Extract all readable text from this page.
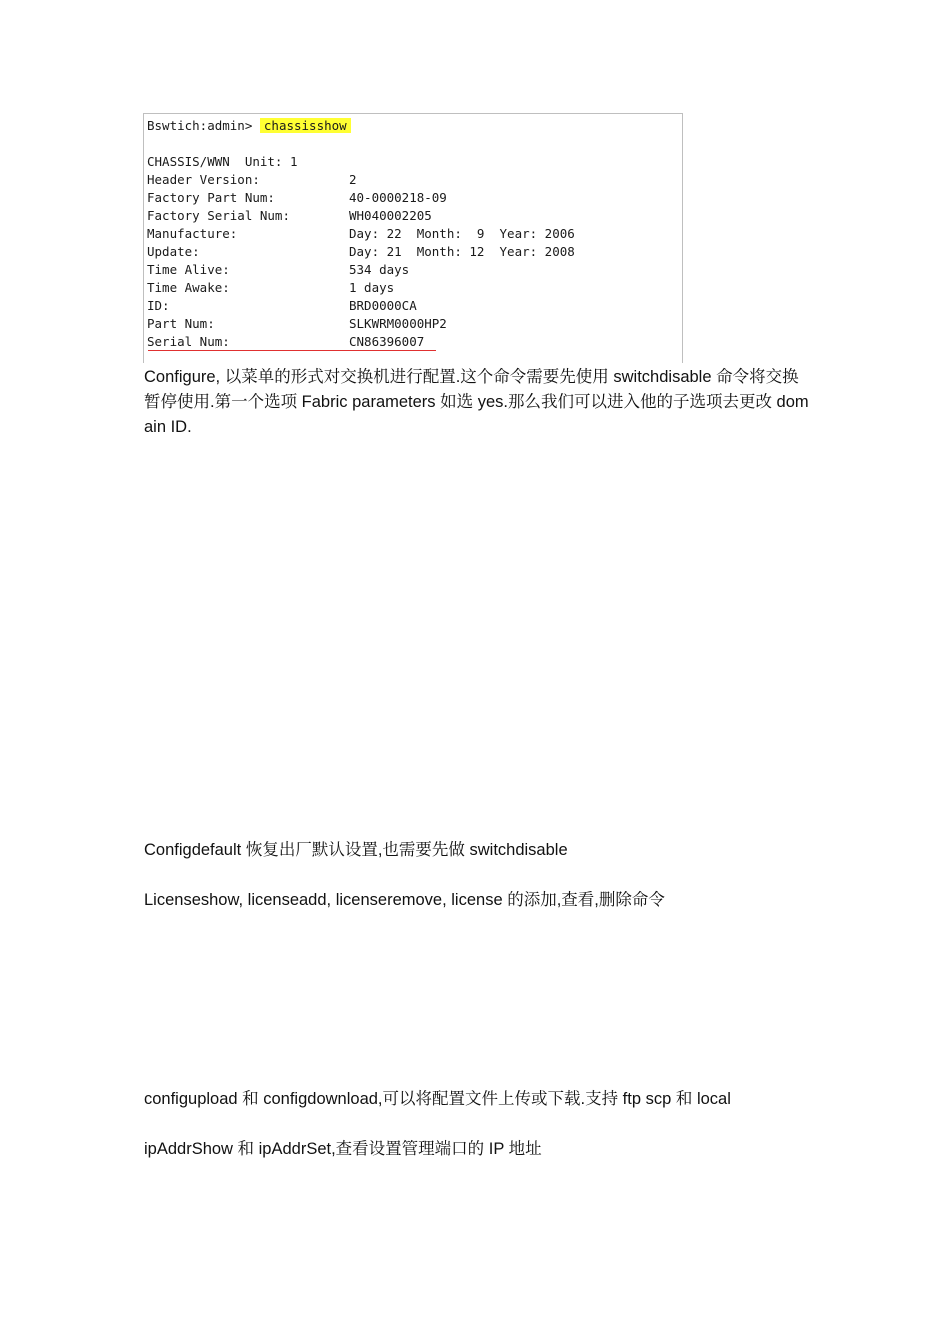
Bswtich:admin> chassisshow
CHASSIS/WWN  Unit: 1

Header Version:

	2

Factory Part Num:

	40-0000218-09

Factory Serial Num:

	WH040002205

Manufacture:

	Day: 22  Month:  9  Year: 2006

Update:

	Day: 21  Month: 12  Year: 2008

Time Alive:

	534 days

Time Awake:

	1 days

ID:

	BRD0000CA

Part Num:

	SLKWRM0000HP2

Serial Num:

	CN86396007

Configure, 以菜单的形式对交换机进行配置.这个命令需要先使用 switchdisable 命令将交换暂停使用.第一个选项 Fabric parameters 如选 yes.那么我们可以进入他的子选项去更改 domain ID.
Configdefault 恢复出厂默认设置,也需要先做 switchdisable
Licenseshow, licenseadd, licenseremove, license 的添加,查看,删除命令
configupload 和 configdownload,可以将配置文件上传或下载.支持 ftp scp 和 local
ipAddrShow 和 ipAddrSet,查看设置管理端口的 IP 地址
